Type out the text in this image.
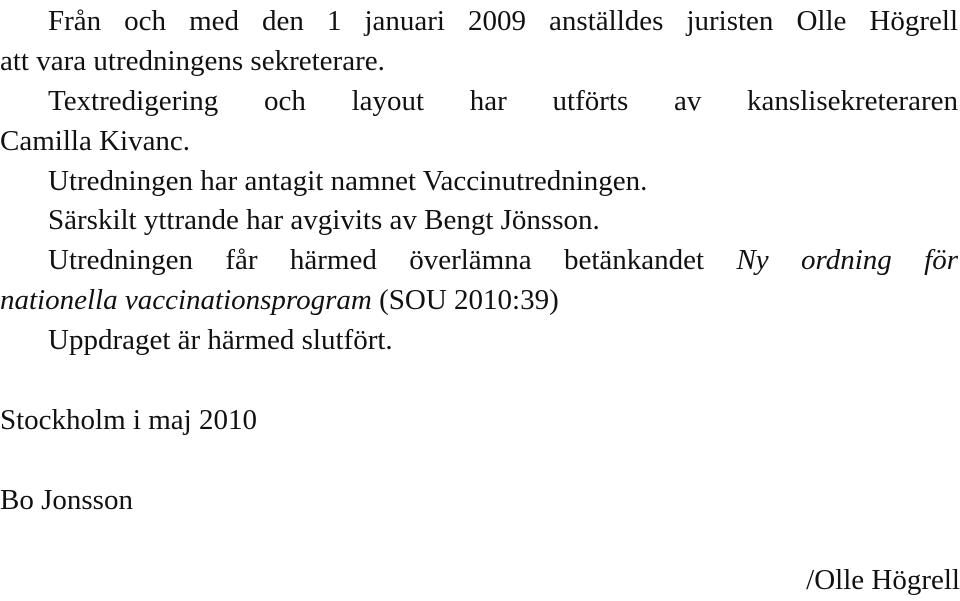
Från och med den 1 januari 2009 anställdes juristen Olle Högrell
att vara utredningens sekreterare.
Textredigering och layout har utförts av kanslisekreteraren
Camilla Kivanc.
Utredningen har antagit namnet Vaccinutredningen.
Särskilt yttrande har avgivits av Bengt Jönsson.
Utredningen får härmed överlämna betänkandet Ny ordning för
nationella vaccinationsprogram (SOU 2010:39)
Uppdraget är härmed slutfört.
Stockholm i maj 2010
Bo Jonsson
/Olle Högrell
